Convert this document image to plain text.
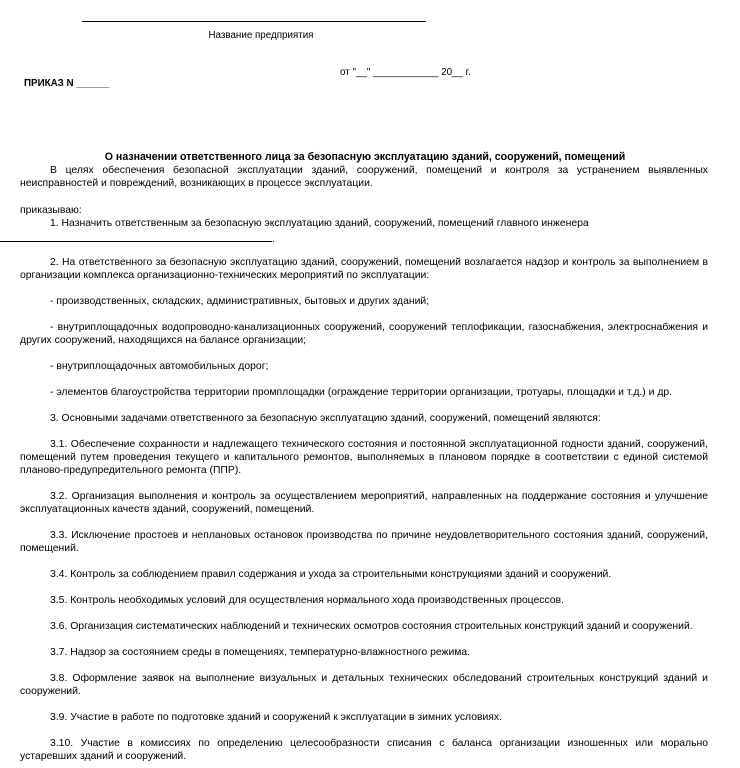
Название предприятия
от "__" ____________ 20__ г.
ПРИКАЗ N ______
О назначении ответственного лица за безопасную эксплуатацию зданий, сооружений, помещений
В целях обеспечения безопасной эксплуатации зданий, сооружений, помещений и контроля за устранением выявленных неисправностей и повреждений, возникающих в процессе эксплуатации.
приказываю:
1. Назначить ответственным за безопасную эксплуатацию зданий, сооружений, помещений главного инженера
.
2. На ответственного за безопасную эксплуатацию зданий, сооружений, помещений возлагается надзор и контроль за выполнением в организации комплекса организационно-технических мероприятий по эксплуатации:
- производственных, складских, административных, бытовых и других зданий;
- внутриплощадочных водопроводно-канализационных сооружений, сооружений теплофикации, газоснабжения, электроснабжения и других сооружений, находящихся на балансе организации;
- внутриплощадочных автомобильных дорог;
- элементов благоустройства территории промплощадки (ограждение территории организации, тротуары, площадки и т.д.) и др.
3. Основными задачами ответственного за безопасную эксплуатацию зданий, сооружений, помещений являются:
3.1. Обеспечение сохранности и надлежащего технического состояния и постоянной эксплуатационной годности зданий, сооружений, помещений путем проведения текущего и капитального ремонтов, выполняемых в плановом порядке в соответствии с единой системой планово-предупредительного ремонта (ППР).
3.2. Организация выполнения и контроль за осуществлением мероприятий, направленных на поддержание состояния и улучшение эксплуатационных качеств зданий, сооружений, помещений.
3.3. Исключение простоев и неплановых остановок производства по причине неудовлетворительного состояния зданий, сооружений, помещений.
3.4. Контроль за соблюдением правил содержания и ухода за строительными конструкциями зданий и сооружений.
3.5. Контроль необходимых условий для осуществления нормального хода производственных процессов.
3.6. Организация систематических наблюдений и технических осмотров состояния строительных конструкций зданий и сооружений.
3.7. Надзор за состоянием среды в помещениях, температурно-влажностного режима.
3.8. Оформление заявок на выполнение визуальных и детальных технических обследований строительных конструкций зданий и сооружений.
3.9. Участие в работе по подготовке зданий и сооружений к эксплуатации в зимних условиях.
3.10. Участие в комиссиях по определению целесообразности списания с баланса организации изношенных или морально устаревших зданий и сооружений.
